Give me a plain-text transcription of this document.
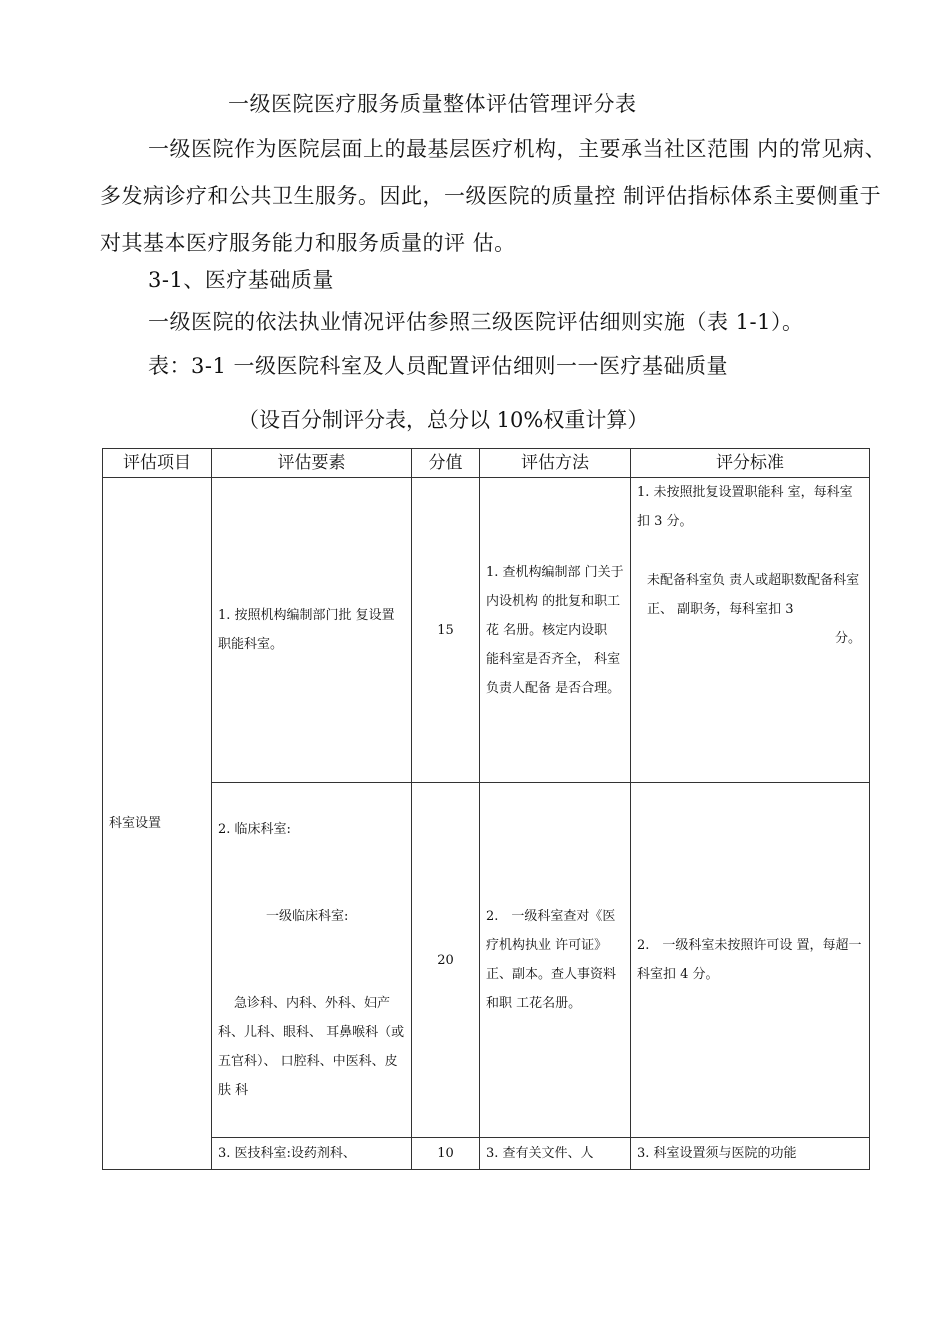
一级医院医疗服务质量整体评估管理评分表
一级医院作为医院层面上的最基层医疗机构，主要承当社区范围 内的常见病、多发病诊疗和公共卫生服务。因此，一级医院的质量控 制评估指标体系主要侧重于对其基本医疗服务能力和服务质量的评 估。
3-1、医疗基础质量
一级医院的依法执业情况评估参照三级医院评估细则实施（表 1-1）。
表：3-1 一级医院科室及人员配置评估细则一一医疗基础质量
（设百分制评分表，总分以 10%权重计算）
评估项目	评估要素	分值	评估方法	评分标准
科室设置	1. 按照机构编制部门批 复设置职能科室。	15	1. 查机构编制部 门关于内设机构 的批复和职工花 名册。核定内设职 能科室是否齐全， 科室负责人配备 是否合理。	1. 未按照批复设置职能科 室，每科室扣 3 分。
未配备科室负 责人或超职数配备科室正、 副职务，每科室扣 3
分。

	2. 临床科室:
一级临床科室:
急诊科、内科、外科、妇产科、儿科、眼科、 耳鼻喉科（或五官科）、 口腔科、中医科、皮肤 科	20	2.　一级科室查对《医疗机构执业 许可证》正、副本。查人事资料和职 工花名册。	2.　一级科室未按照许可设 置，每超一科室扣 4 分。
	3. 医技科室:设药剂科、	10	3. 查有关文件、人	3. 科室设置须与医院的功能
